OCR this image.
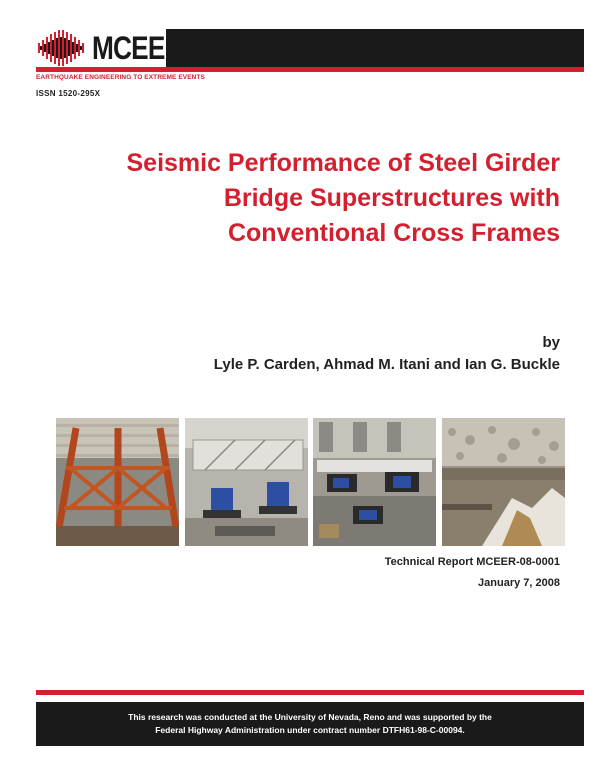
MCEER
EARTHQUAKE ENGINEERING TO EXTREME EVENTS
ISSN 1520-295X
Seismic Performance of Steel Girder
Bridge Superstructures with
Conventional Cross Frames
by
Lyle P. Carden, Ahmad M. Itani and Ian G. Buckle
Technical Report MCEER-08-0001
January 7, 2008
This research was conducted at the University of Nevada, Reno and was supported by the
Federal Highway Administration under contract number DTFH61-98-C-00094.
